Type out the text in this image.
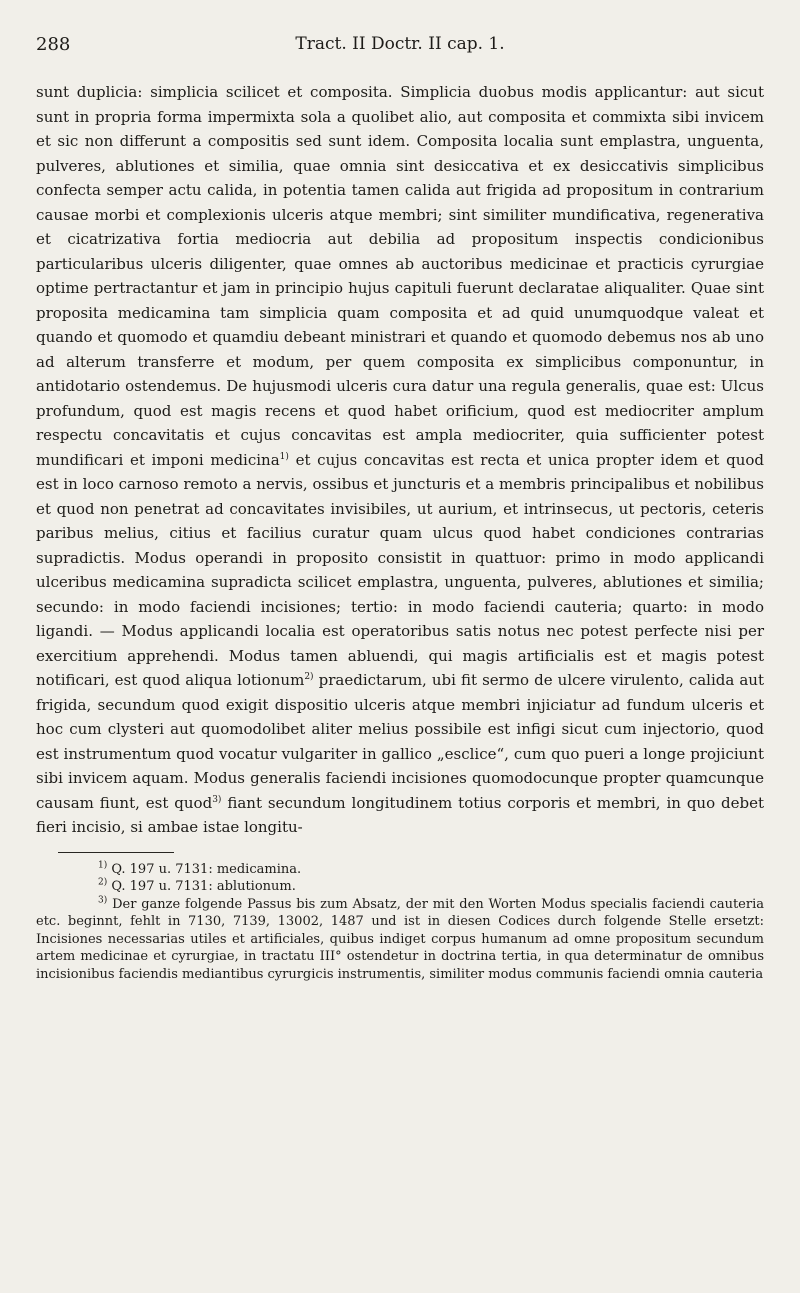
288	Tract. II Doctr. II cap. 1.

sunt duplicia: simplicia scilicet et composita. Simplicia duobus modis applicantur: aut sicut sunt in propria forma impermixta sola a quolibet alio, aut composita et commixta sibi invicem et sic non differunt a compositis sed sunt idem. Composita localia sunt emplastra, unguenta, pulveres, ablutiones et similia, quae omnia sint desiccativa et ex desiccativis simplicibus confecta semper actu calida, in potentia tamen calida aut frigida ad propositum in contrarium causae morbi et complexionis ulceris atque membri; sint similiter mundificativa, regenerativa et cicatrizativa fortia mediocria aut debilia ad propositum inspectis condicionibus particularibus ulceris diligenter, quae omnes ab auctoribus medicinae et practicis cyrurgiae optime pertractantur et jam in principio hujus capituli fuerunt declaratae aliqualiter. Quae sint proposita medicamina tam simplicia quam composita et ad quid unumquodque valeat et quando et quomodo et quamdiu debeant ministrari et quando et quomodo debemus nos ab uno ad alterum transferre et modum, per quem composita ex simplicibus componuntur, in antidotario ostendemus. De hujusmodi ulceris cura datur una regula generalis, quae est: Ulcus profundum, quod est magis recens et quod habet orificium, quod est mediocriter amplum respectu concavitatis et cujus concavitas est ampla mediocriter, quia sufficienter potest mundificari et imponi medicina$^{1)}$ et cujus concavitas est recta et unica propter idem et quod est in loco carnoso remoto a nervis, ossibus et juncturis et a membris principalibus et nobilibus et quod non penetrat ad concavitates invisibiles, ut aurium, et intrinsecus, ut pectoris, ceteris paribus melius, citius et facilius curatur quam ulcus quod habet condiciones contrarias supradictis. Modus operandi in proposito consistit in quattuor: primo in modo applicandi ulceribus medicamina supradicta scilicet emplastra, unguenta, pulveres, ablutiones et similia; secundo: in modo faciendi incisiones; tertio: in modo faciendi cauteria; quarto: in modo ligandi. — Modus applicandi localia est operatoribus satis notus nec potest perfecte nisi per exercitium apprehendi. Modus tamen abluendi, qui magis artificialis est et magis potest notificari, est quod aliqua lotionum$^{2)}$ praedictarum, ubi fit sermo de ulcere virulento, calida aut frigida, secundum quod exigit dispositio ulceris atque membri injiciatur ad fundum ulceris et hoc cum clysteri aut quomodolibet aliter melius possibile est infigi sicut cum injectorio, quod est instrumentum quod vocatur vulgariter in gallico „esclice“, cum quo pueri a longe projiciunt sibi invicem aquam. Modus generalis faciendi incisiones quomodocunque propter quamcunque causam fiunt, est quod$^{3)}$ fiant secundum longitudinem totius corporis et membri, in quo debet fieri incisio, si ambae istae longitu-

$^{1)}$ Q. 197 u. 7131: medicamina.

$^{2)}$ Q. 197 u. 7131: ablutionum.

$^{3)}$ Der ganze folgende Passus bis zum Absatz, der mit den Worten Modus specialis faciendi cauteria etc. beginnt, fehlt in 7130, 7139, 13002, 1487 und ist in diesen Codices durch folgende Stelle ersetzt: Incisiones necessarias utiles et artificiales, quibus indiget corpus humanum ad omne propositum secundum artem medicinae et cyrurgiae, in tractatu III° ostendetur in doctrina tertia, in qua determinatur de omnibus incisionibus faciendis mediantibus cyrurgicis instrumentis, similiter modus communis faciendi omnia cauteria
